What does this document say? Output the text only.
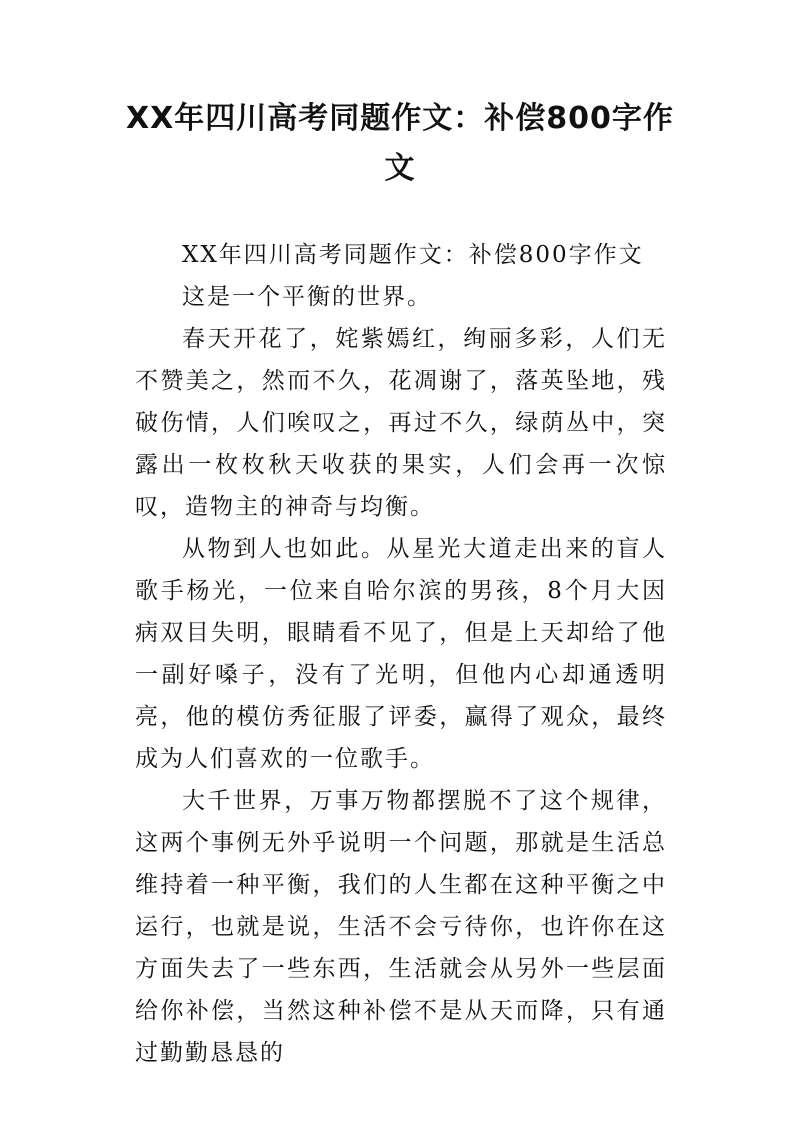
XX年四川高考同题作文：补偿800字作文

XX年四川高考同题作文：补偿800字作文

这是一个平衡的世界。

春天开花了，姹紫嫣红，绚丽多彩，人们无不赞美之，然而不久，花凋谢了，落英坠地，残破伤情，人们唉叹之，再过不久，绿荫丛中，突露出一枚枚秋天收获的果实，人们会再一次惊叹，造物主的神奇与均衡。

从物到人也如此。从星光大道走出来的盲人歌手杨光，一位来自哈尔滨的男孩，8个月大因病双目失明，眼睛看不见了，但是上天却给了他一副好嗓子，没有了光明，但他内心却通透明亮，他的模仿秀征服了评委，赢得了观众，最终成为人们喜欢的一位歌手。

大千世界，万事万物都摆脱不了这个规律，这两个事例无外乎说明一个问题，那就是生活总维持着一种平衡，我们的人生都在这种平衡之中运行，也就是说，生活不会亏待你，也许你在这方面失去了一些东西，生活就会从另外一些层面给你补偿，当然这种补偿不是从天而降，只有通过勤勤恳恳的
